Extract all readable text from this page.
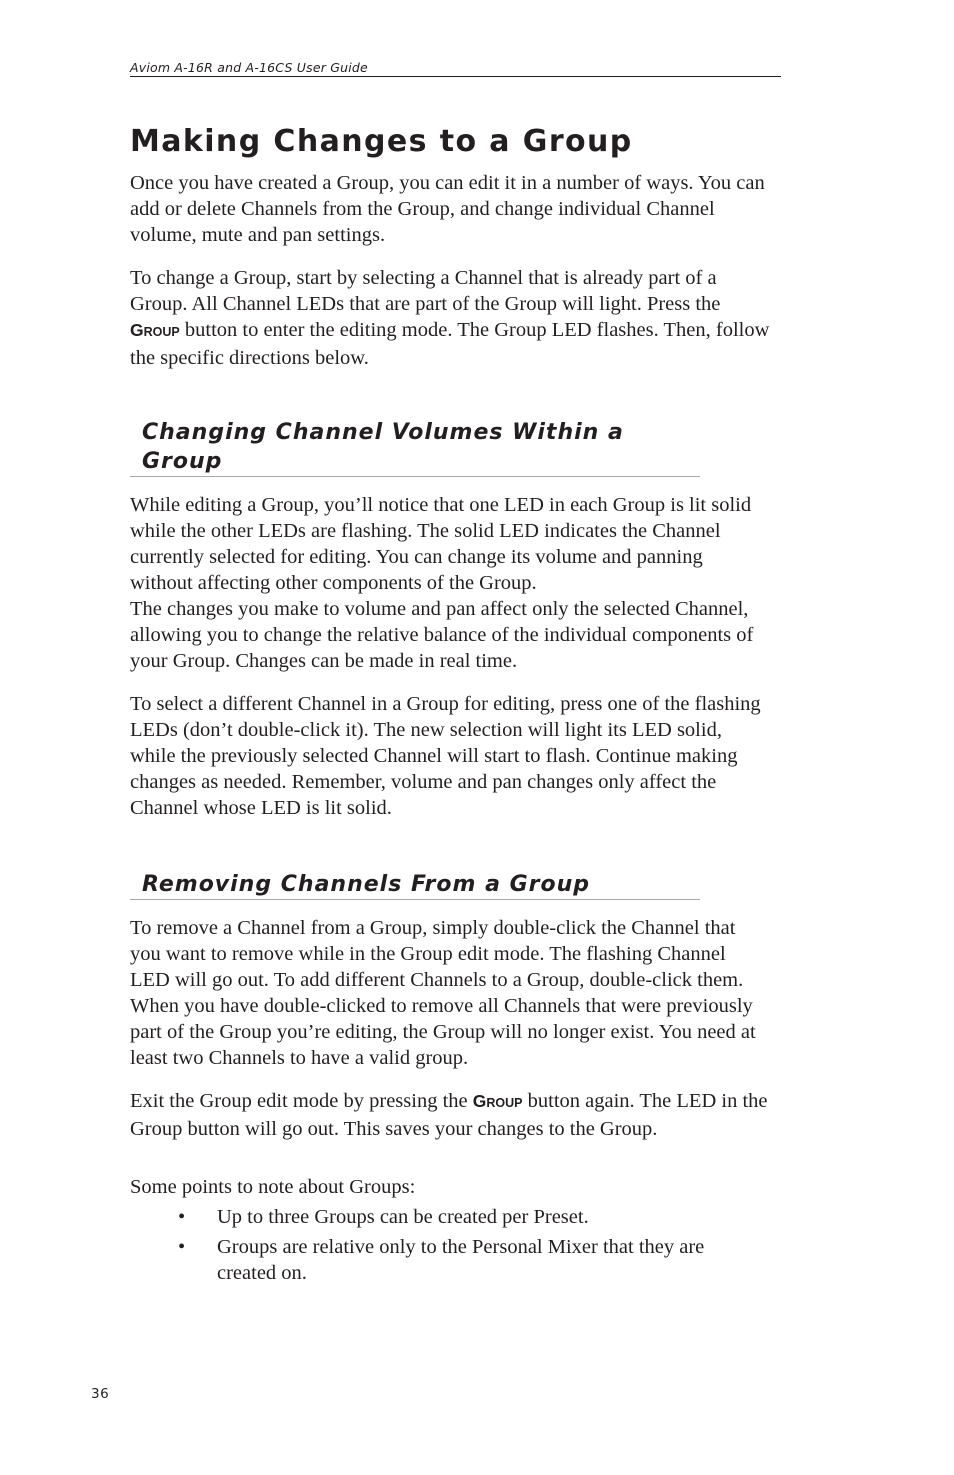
Aviom A-16R and A-16CS User Guide
Making Changes to a Group

Once you have created a Group, you can edit it in a number of ways. You can add or delete Channels from the Group, and change individual Channel volume, mute and pan settings.

To change a Group, start by selecting a Channel that is already part of a Group. All Channel LEDs that are part of the Group will light. Press the GROUP button to enter the editing mode. The Group LED flashes. Then, follow the specific directions below.

Changing Channel Volumes Within a Group

While editing a Group, you’ll notice that one LED in each Group is lit solid while the other LEDs are flashing. The solid LED indicates the Channel currently selected for editing. You can change its volume and panning without affecting other components of the Group.

The changes you make to volume and pan affect only the selected Channel, allowing you to change the relative balance of the individual components of your Group. Changes can be made in real time.

To select a different Channel in a Group for editing, press one of the flashing LEDs (don’t double-click it). The new selection will light its LED solid, while the previously selected Channel will start to flash. Continue making changes as needed. Remember, volume and pan changes only affect the Channel whose LED is lit solid.

Removing Channels From a Group

To remove a Channel from a Group, simply double-click the Channel that you want to remove while in the Group edit mode. The flashing Channel LED will go out. To add different Channels to a Group, double-click them. When you have double-clicked to remove all Channels that were previously part of the Group you’re editing, the Group will no longer exist. You need at least two Channels to have a valid group.

Exit the Group edit mode by pressing the GROUP button again. The LED in the Group button will go out. This saves your changes to the Group.

Some points to note about Groups:

• Up to three Groups can be created per Preset.
• Groups are relative only to the Personal Mixer that they are created on.
36
